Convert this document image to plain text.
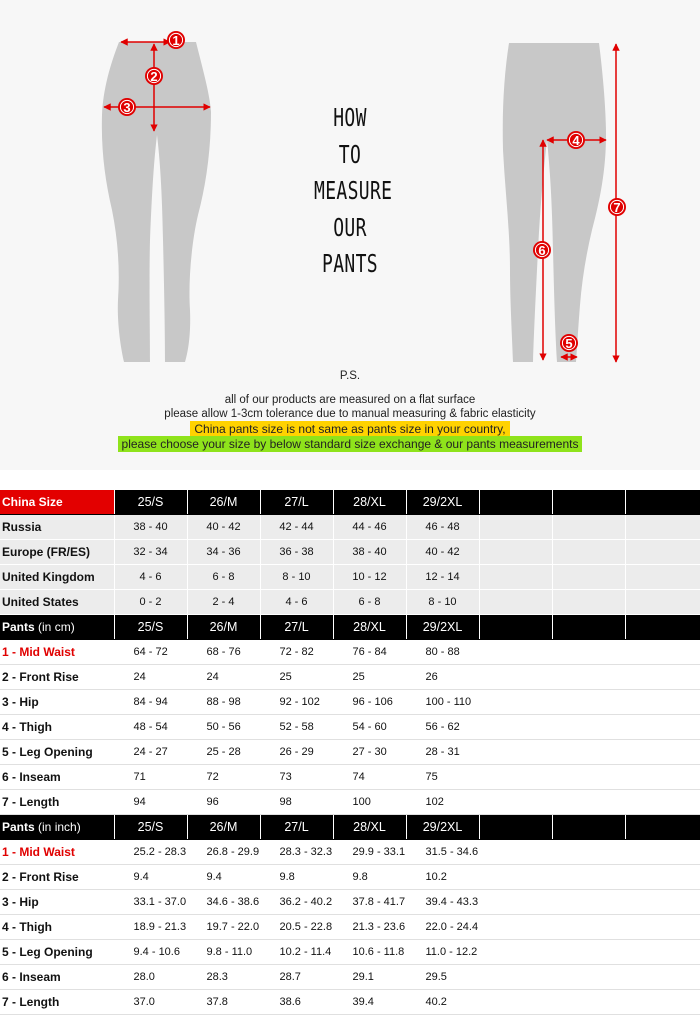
1
2
3
4
5
6
7
HOW
TO
MEASURE
OUR
PANTS
P.S.
all of our products are measured on a flat surface
please allow 1-3cm tolerance due to manual measuring & fabric elasticity
China pants size is not same as pants size in your country,
please choose your size by below standard size exchange & our pants measurements
China Size	25/S	26/M	27/L	28/XL	29/2XL			
Russia	38 - 40	40 - 42	42 - 44	44 - 46	46 - 48			
Europe (FR/ES)	32 - 34	34 - 36	36 - 38	38 - 40	40 - 42			
United Kingdom	4 - 6	6 - 8	8 - 10	10 - 12	12 - 14			
United States	0 - 2	2 - 4	4 - 6	6 - 8	8 - 10			
Pants (in cm)	25/S	26/M	27/L	28/XL	29/2XL			
1 - Mid Waist	64 - 72	68 - 76	72 - 82	76 - 84	80 - 88			
2 - Front Rise	24	24	25	25	26			
3 - Hip	84 - 94	88 - 98	92 - 102	96 - 106	100 - 110			
4 - Thigh	48 - 54	50 - 56	52 - 58	54 - 60	56 - 62			
5 - Leg Opening	24 - 27	25 - 28	26 - 29	27 - 30	28 - 31			
6 - Inseam	71	72	73	74	75			
7 - Length	94	96	98	100	102			
Pants (in inch)	25/S	26/M	27/L	28/XL	29/2XL			
1 - Mid Waist	25.2 - 28.3	26.8 - 29.9	28.3 - 32.3	29.9 - 33.1	31.5 - 34.6			
2 - Front Rise	9.4	9.4	9.8	9.8	10.2			
3 - Hip	33.1 - 37.0	34.6 - 38.6	36.2 - 40.2	37.8 - 41.7	39.4 - 43.3			
4 - Thigh	18.9 - 21.3	19.7 - 22.0	20.5 - 22.8	21.3 - 23.6	22.0 - 24.4			
5 - Leg Opening	9.4 - 10.6	9.8 - 11.0	10.2 - 11.4	10.6 - 11.8	11.0 - 12.2			
6 - Inseam	28.0	28.3	28.7	29.1	29.5			
7 - Length	37.0	37.8	38.6	39.4	40.2			
